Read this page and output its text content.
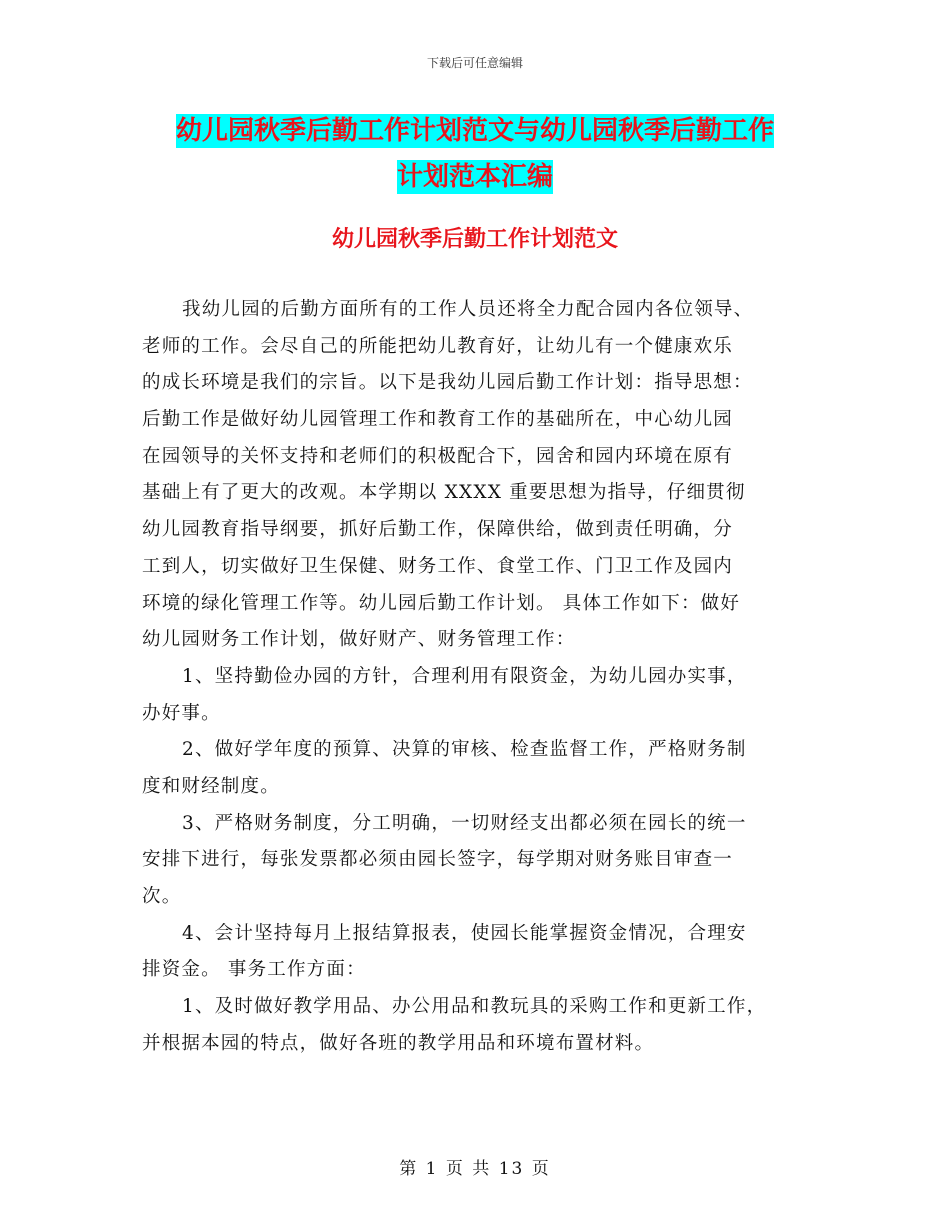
下载后可任意编辑
幼儿园秋季后勤工作计划范文与幼儿园秋季后勤工作
计划范本汇编
幼儿园秋季后勤工作计划范文
我幼儿园的后勤方面所有的工作人员还将全力配合园内各位领导、
老师的工作。会尽自己的所能把幼儿教育好，让幼儿有一个健康欢乐
的成长环境是我们的宗旨。以下是我幼儿园后勤工作计划：指导思想：
后勤工作是做好幼儿园管理工作和教育工作的基础所在，中心幼儿园
在园领导的关怀支持和老师们的积极配合下，园舍和园内环境在原有
基础上有了更大的改观。本学期以 XXXX 重要思想为指导，仔细贯彻
幼儿园教育指导纲要，抓好后勤工作，保障供给，做到责任明确，分
工到人，切实做好卫生保健、财务工作、食堂工作、门卫工作及园内
环境的绿化管理工作等。幼儿园后勤工作计划。 具体工作如下：做好
幼儿园财务工作计划，做好财产、财务管理工作：
1、坚持勤俭办园的方针，合理利用有限资金，为幼儿园办实事，
办好事。
2、做好学年度的预算、决算的审核、检查监督工作，严格财务制
度和财经制度。
3、严格财务制度，分工明确，一切财经支出都必须在园长的统一
安排下进行，每张发票都必须由园长签字，每学期对财务账目审查一
次。
4、会计坚持每月上报结算报表，使园长能掌握资金情况，合理安
排资金。 事务工作方面：
1、及时做好教学用品、办公用品和教玩具的采购工作和更新工作，
并根据本园的特点，做好各班的教学用品和环境布置材料。
第 1 页 共 13 页
